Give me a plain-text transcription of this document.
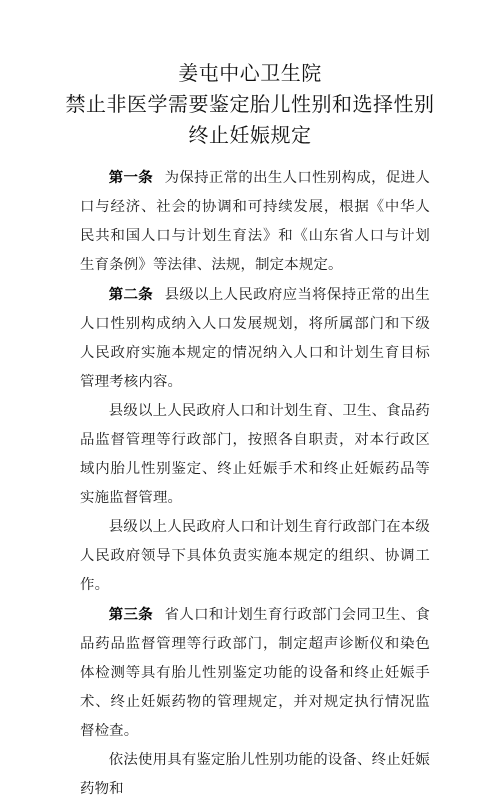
姜屯中心卫生院
禁止非医学需要鉴定胎儿性别和选择性别
终止妊娠规定

第一条 为保持正常的出生人口性别构成，促进人口与经济、社会的协调和可持续发展，根据《中华人民共和国人口与计划生育法》和《山东省人口与计划生育条例》等法律、法规，制定本规定。

第二条 县级以上人民政府应当将保持正常的出生人口性别构成纳入人口发展规划，将所属部门和下级人民政府实施本规定的情况纳入人口和计划生育目标管理考核内容。

县级以上人民政府人口和计划生育、卫生、食品药品监督管理等行政部门，按照各自职责，对本行政区域内胎儿性别鉴定、终止妊娠手术和终止妊娠药品等实施监督管理。

县级以上人民政府人口和计划生育行政部门在本级人民政府领导下具体负责实施本规定的组织、协调工作。

第三条 省人口和计划生育行政部门会同卫生、食品药品监督管理等行政部门，制定超声诊断仪和染色体检测等具有胎儿性别鉴定功能的设备和终止妊娠手术、终止妊娠药物的管理规定，并对规定执行情况监督检查。

依法使用具有鉴定胎儿性别功能的设备、终止妊娠药物和
